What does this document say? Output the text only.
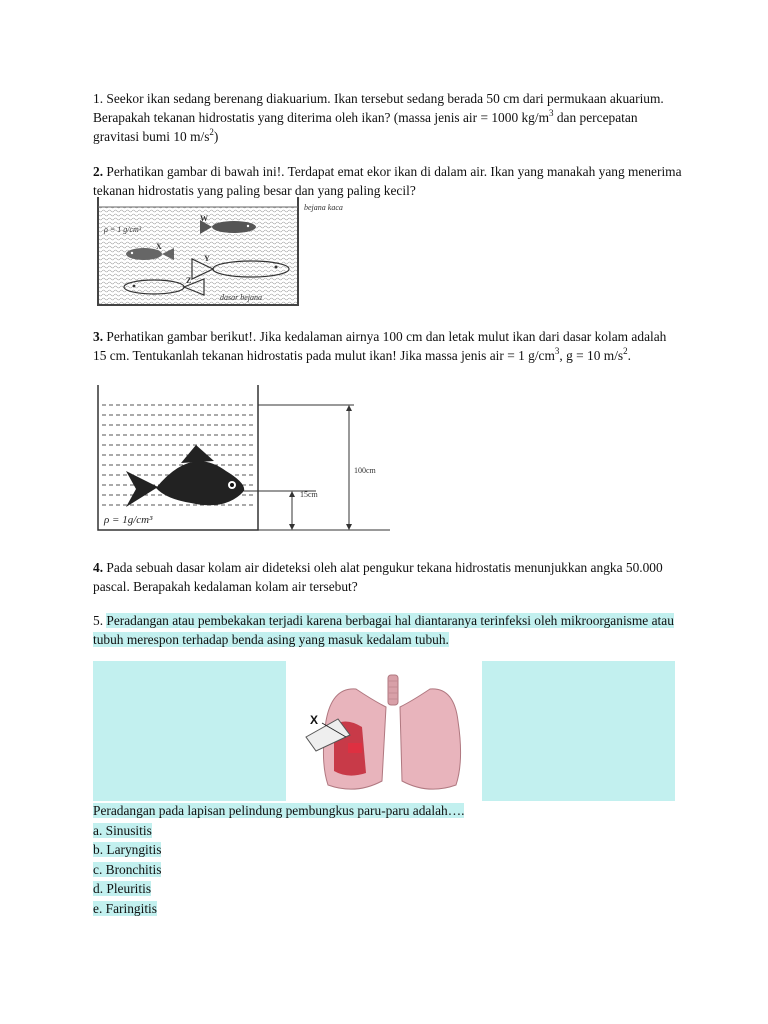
1. Seekor ikan sedang berenang diakuarium. Ikan tersebut sedang berada 50 cm dari permukaan akuarium. Berapakah tekanan hidrostatis yang diterima oleh ikan? (massa jenis air = 1000 $kg/m^3$ dan percepatan gravitasi bumi 10 $m/s^2$)
2. Perhatikan gambar di bawah ini!. Terdapat emat ekor ikan di dalam air. Ikan yang manakah yang menerima tekanan hidrostatis yang paling besar dan yang paling kecil?
bejana kaca
ρ = 1 g/cm³
W
X
Y
Z
dasar bejana
3. Perhatikan gambar berikut!. Jika kedalaman airnya 100 cm dan letak mulut ikan dari dasar kolam adalah 15 cm. Tentukanlah tekanan hidrostatis pada mulut ikan! Jika massa jenis air = 1 $g/cm^3$, g = 10 $m/s^2$.
ρ = 1g/cm³
100cm
15cm
4. Pada sebuah dasar kolam air dideteksi oleh alat pengukur tekana hidrostatis menunjukkan angka 50.000 pascal. Berapakah kedalaman kolam air tersebut?
5. Peradangan atau pembekakan terjadi karena berbagai hal diantaranya terinfeksi oleh mikroorganisme atau tubuh merespon terhadap benda asing yang masuk kedalam tubuh.
X
Peradangan pada lapisan pelindung pembungkus paru-paru adalah….
a. Sinusitis
b. Laryngitis
c. Bronchitis
d. Pleuritis
e. Faringitis
